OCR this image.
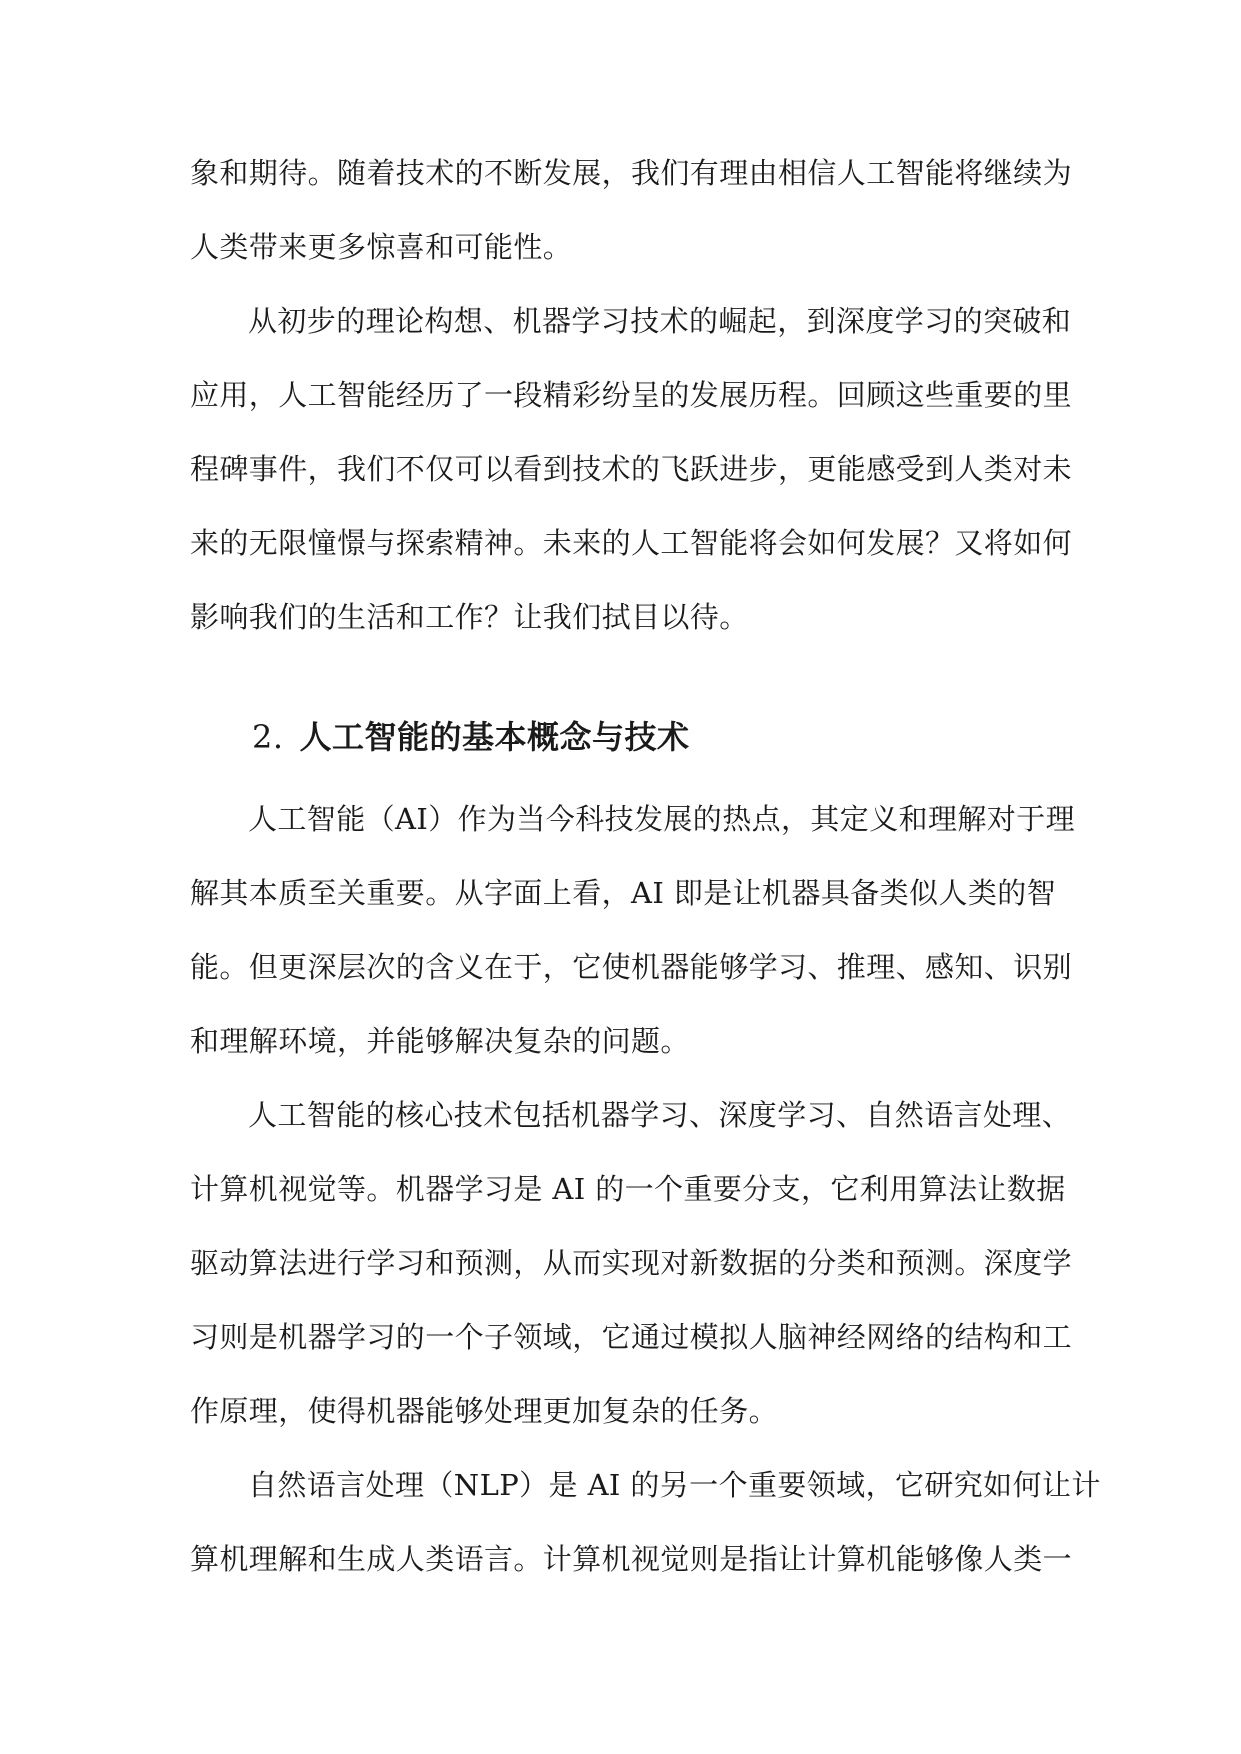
象和期待。随着技术的不断发展，我们有理由相信人工智能将继续为
人类带来更多惊喜和可能性。
从初步的理论构想、机器学习技术的崛起，到深度学习的突破和
应用，人工智能经历了一段精彩纷呈的发展历程。回顾这些重要的里
程碑事件，我们不仅可以看到技术的飞跃进步，更能感受到人类对未
来的无限憧憬与探索精神。未来的人工智能将会如何发展？又将如何
影响我们的生活和工作？让我们拭目以待。
2. 人工智能的基本概念与技术
人工智能（AI）作为当今科技发展的热点，其定义和理解对于理
解其本质至关重要。从字面上看，AI 即是让机器具备类似人类的智
能。但更深层次的含义在于，它使机器能够学习、推理、感知、识别
和理解环境，并能够解决复杂的问题。
人工智能的核心技术包括机器学习、深度学习、自然语言处理、
计算机视觉等。机器学习是 AI 的一个重要分支，它利用算法让数据
驱动算法进行学习和预测，从而实现对新数据的分类和预测。深度学
习则是机器学习的一个子领域，它通过模拟人脑神经网络的结构和工
作原理，使得机器能够处理更加复杂的任务。
自然语言处理（NLP）是 AI 的另一个重要领域，它研究如何让计
算机理解和生成人类语言。计算机视觉则是指让计算机能够像人类一
